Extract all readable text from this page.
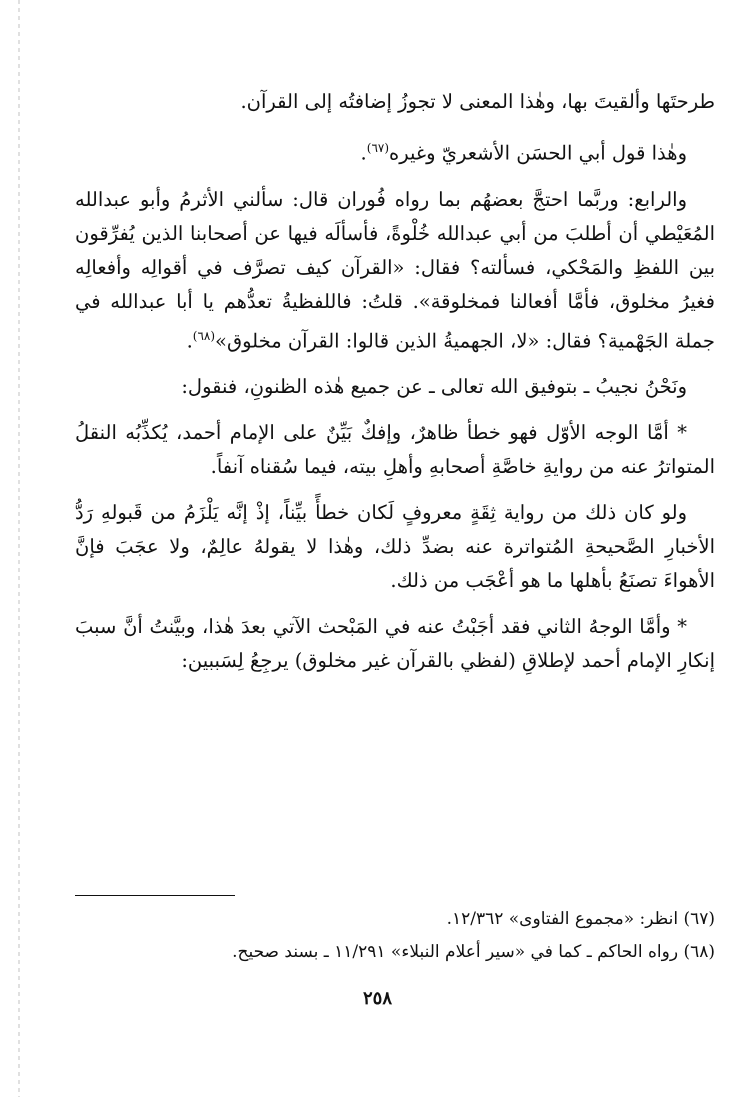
طرحتَها وألقيتَ بها، وهٰذا المعنى لا تجوزُ إضافتُه إلى القرآن.

وهٰذا قول أبي الحسَن الأشعريّ وغيره$^{(٦٧)}$.

والرابع: وربَّما احتجَّ بعضهُم بما رواه فُوران قال: سألني الأثرمُ وأبو عبدالله المُعَيْطي أن أطلبَ من أبي عبدالله خُلْوةً، فأسألَه فيها عن أصحابنا الذين يُفرِّقون بين اللفظِ والمَحْكي، فسألته؟ فقال: «القرآن كيف تصرَّف في أقوالِه وأفعالِه فغيرُ مخلوق، فأمَّا أفعالنا فمخلوقة». قلتُ: فاللفظيةُ تعدُّهم يا أبا عبدالله في جملة الجَهْمية؟ فقال: «لا، الجهميةُ الذين قالوا: القرآن مخلوق»$^{(٦٨)}$.

ونَحْنُ نجيبُ ـ بتوفيق الله تعالى ـ عن جميع هٰذه الظنونِ، فنقول:

* أمَّا الوجه الأوّل فهو خطأ ظاهرٌ، وإفكٌ بَيِّنٌ على الإمام أحمد، يُكذِّبُه النقلُ المتواترُ عنه من روايةِ خاصَّةِ أصحابهِ وأهلِ بيته، فيما سُقناه آنفاً.

ولو كان ذلك من رواية ثِقَةٍ معروفٍ لَكان خطأً بيِّناً، إذْ إنَّه يَلْزَمُ من قَبولهِ رَدُّ الأخبارِ الصَّحيحةِ المُتواترة عنه بضدِّ ذلك، وهٰذا لا يقولهُ عالِمٌ، ولا عجَبَ فإنَّ الأهواءَ تصنَعُ بأهلها ما هو أعْجَب من ذلك.

* وأمَّا الوجهُ الثاني فقد أجَبْتُ عنه في المَبْحث الآتي بعدَ هٰذا، وبيَّنتُ أنَّ سببَ إنكارِ الإمام أحمد لإطلاقِ (لفظي بالقرآن غير مخلوق) يرجِعُ لِسَببين:

(٦٧) انظر: «مجموع الفتاوى» ١٢/٣٦٢.

(٦٨) رواه الحاكم ـ كما في «سير أعلام النبلاء» ١١/٢٩١ ـ بسند صحيح.

٢٥٨
